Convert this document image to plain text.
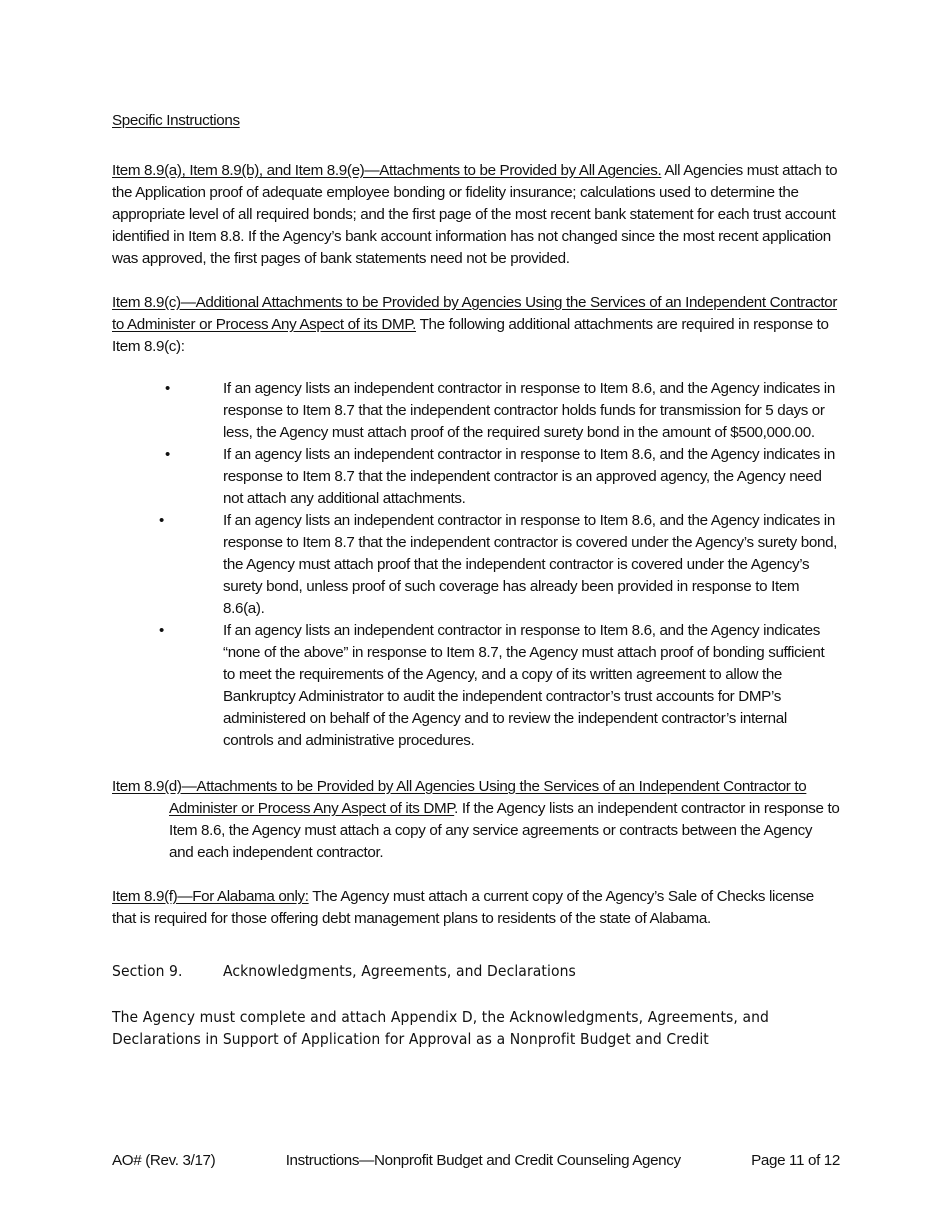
Specific Instructions

Item 8.9(a), Item 8.9(b), and Item 8.9(e)—Attachments to be Provided by All Agencies. All Agencies must attach to the Application proof of adequate employee bonding or fidelity insurance; calculations used to determine the appropriate level of all required bonds; and the first page of the most recent bank statement for each trust account identified in Item 8.8. If the Agency’s bank account information has not changed since the most recent application was approved, the first pages of bank statements need not be provided.

Item 8.9(c)—Additional Attachments to be Provided by Agencies Using the Services of an Independent Contractor to Administer or Process Any Aspect of its DMP. The following additional attachments are required in response to Item 8.9(c):

•	If an agency lists an independent contractor in response to Item 8.6, and the Agency indicates in response to Item 8.7 that the independent contractor holds funds for transmission for 5 days or less, the Agency must attach proof of the required surety bond in the amount of $500,000.00.
•	If an agency lists an independent contractor in response to Item 8.6, and the Agency indicates in response to Item 8.7 that the independent contractor is an approved agency, the Agency need not attach any additional attachments.
•	If an agency lists an independent contractor in response to Item 8.6, and the Agency indicates in response to Item 8.7 that the independent contractor is covered under the Agency’s surety bond, the Agency must attach proof that the independent contractor is covered under the Agency’s surety bond, unless proof of such coverage has already been provided in response to Item 8.6(a).
•	If an agency lists an independent contractor in response to Item 8.6, and the Agency indicates “none of the above” in response to Item 8.7, the Agency must attach proof of bonding sufficient to meet the requirements of the Agency, and a copy of its written agreement to allow the Bankruptcy Administrator to audit the independent contractor’s trust accounts for DMP’s administered on behalf of the Agency and to review the independent contractor’s internal controls and administrative procedures.

Item 8.9(d)—Attachments to be Provided by All Agencies Using the Services of an Independent Contractor to Administer or Process Any Aspect of its DMP. If the Agency lists an independent contractor in response to Item 8.6, the Agency must attach a copy of any service agreements or contracts between the Agency and each independent contractor.

Item 8.9(f)—For Alabama only: The Agency must attach a current copy of the Agency’s Sale of Checks license that is required for those offering debt management plans to residents of the state of Alabama.

Section 9.	Acknowledgments, Agreements, and Declarations

The Agency must complete and attach Appendix D, the Acknowledgments, Agreements, and Declarations in Support of Application for Approval as a Nonprofit Budget and Credit

AO# (Rev. 3/17)	Instructions—Nonprofit Budget and Credit Counseling Agency	Page 11 of 12
